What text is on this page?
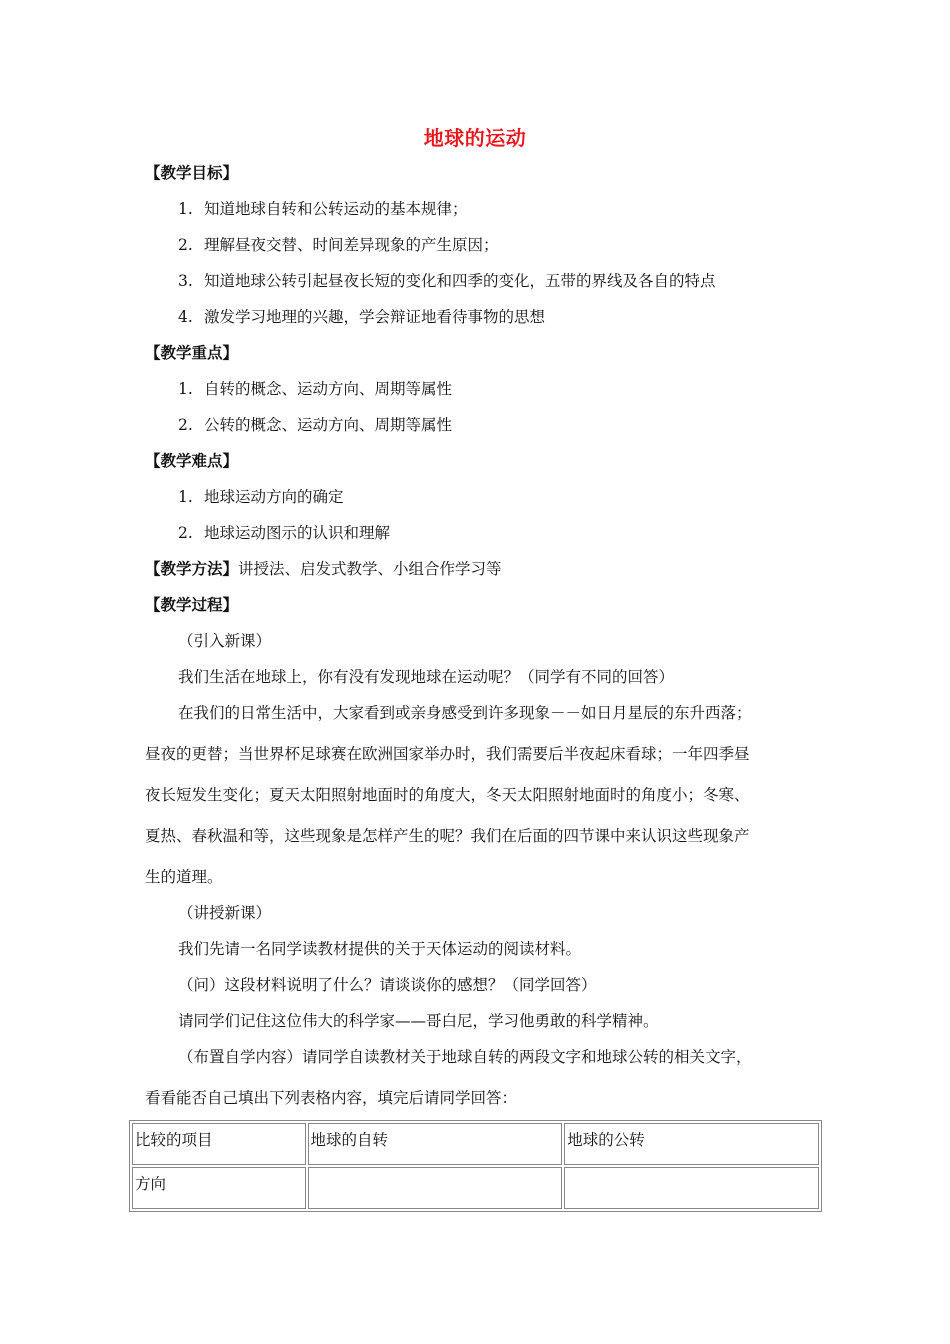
地球的运动
【教学目标】
1. 知道地球自转和公转运动的基本规律；
2. 理解昼夜交替、时间差异现象的产生原因；
3. 知道地球公转引起昼夜长短的变化和四季的变化，五带的界线及各自的特点
4. 激发学习地理的兴趣，学会辩证地看待事物的思想
【教学重点】
1. 自转的概念、运动方向、周期等属性
2. 公转的概念、运动方向、周期等属性
【教学难点】
1. 地球运动方向的确定
2. 地球运动图示的认识和理解
【教学方法】讲授法、启发式教学、小组合作学习等
【教学过程】
（引入新课）
我们生活在地球上，你有没有发现地球在运动呢？（同学有不同的回答）
在我们的日常生活中，大家看到或亲身感受到许多现象－－如日月星辰的东升西落；
昼夜的更替；当世界杯足球赛在欧洲国家举办时，我们需要后半夜起床看球；一年四季昼
夜长短发生变化；夏天太阳照射地面时的角度大，冬天太阳照射地面时的角度小；冬寒、
夏热、春秋温和等，这些现象是怎样产生的呢？我们在后面的四节课中来认识这些现象产
生的道理。
（讲授新课）
我们先请一名同学读教材提供的关于天体运动的阅读材料。
（问）这段材料说明了什么？请谈谈你的感想？（同学回答）
请同学们记住这位伟大的科学家——哥白尼，学习他勇敢的科学精神。
（布置自学内容）请同学自读教材关于地球自转的两段文字和地球公转的相关文字，
看看能否自己填出下列表格内容，填完后请同学回答：
比较的项目	地球的自转	地球的公转
方向		
